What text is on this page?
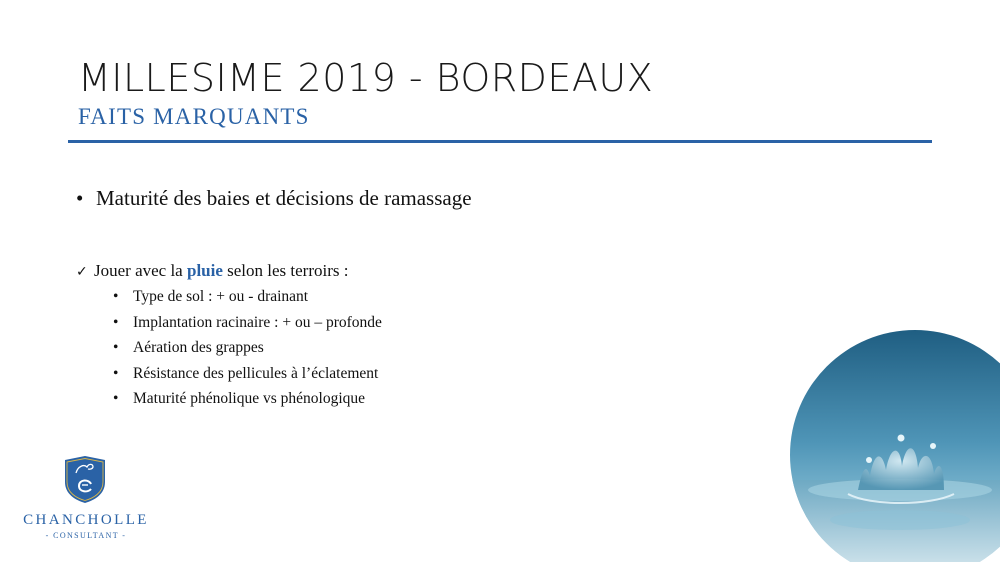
MILLESIME 2019 - BORDEAUX
FAITS MARQUANTS
• Maturité des baies et décisions de ramassage
✓ Jouer avec la pluie selon les terroirs :
• Type de sol : + ou - drainant
• Implantation racinaire : + ou – profonde
• Aération des grappes
• Résistance des pellicules à l’éclatement
• Maturité phénolique vs phénologique
CHANCHOLLE
- CONSULTANT -
